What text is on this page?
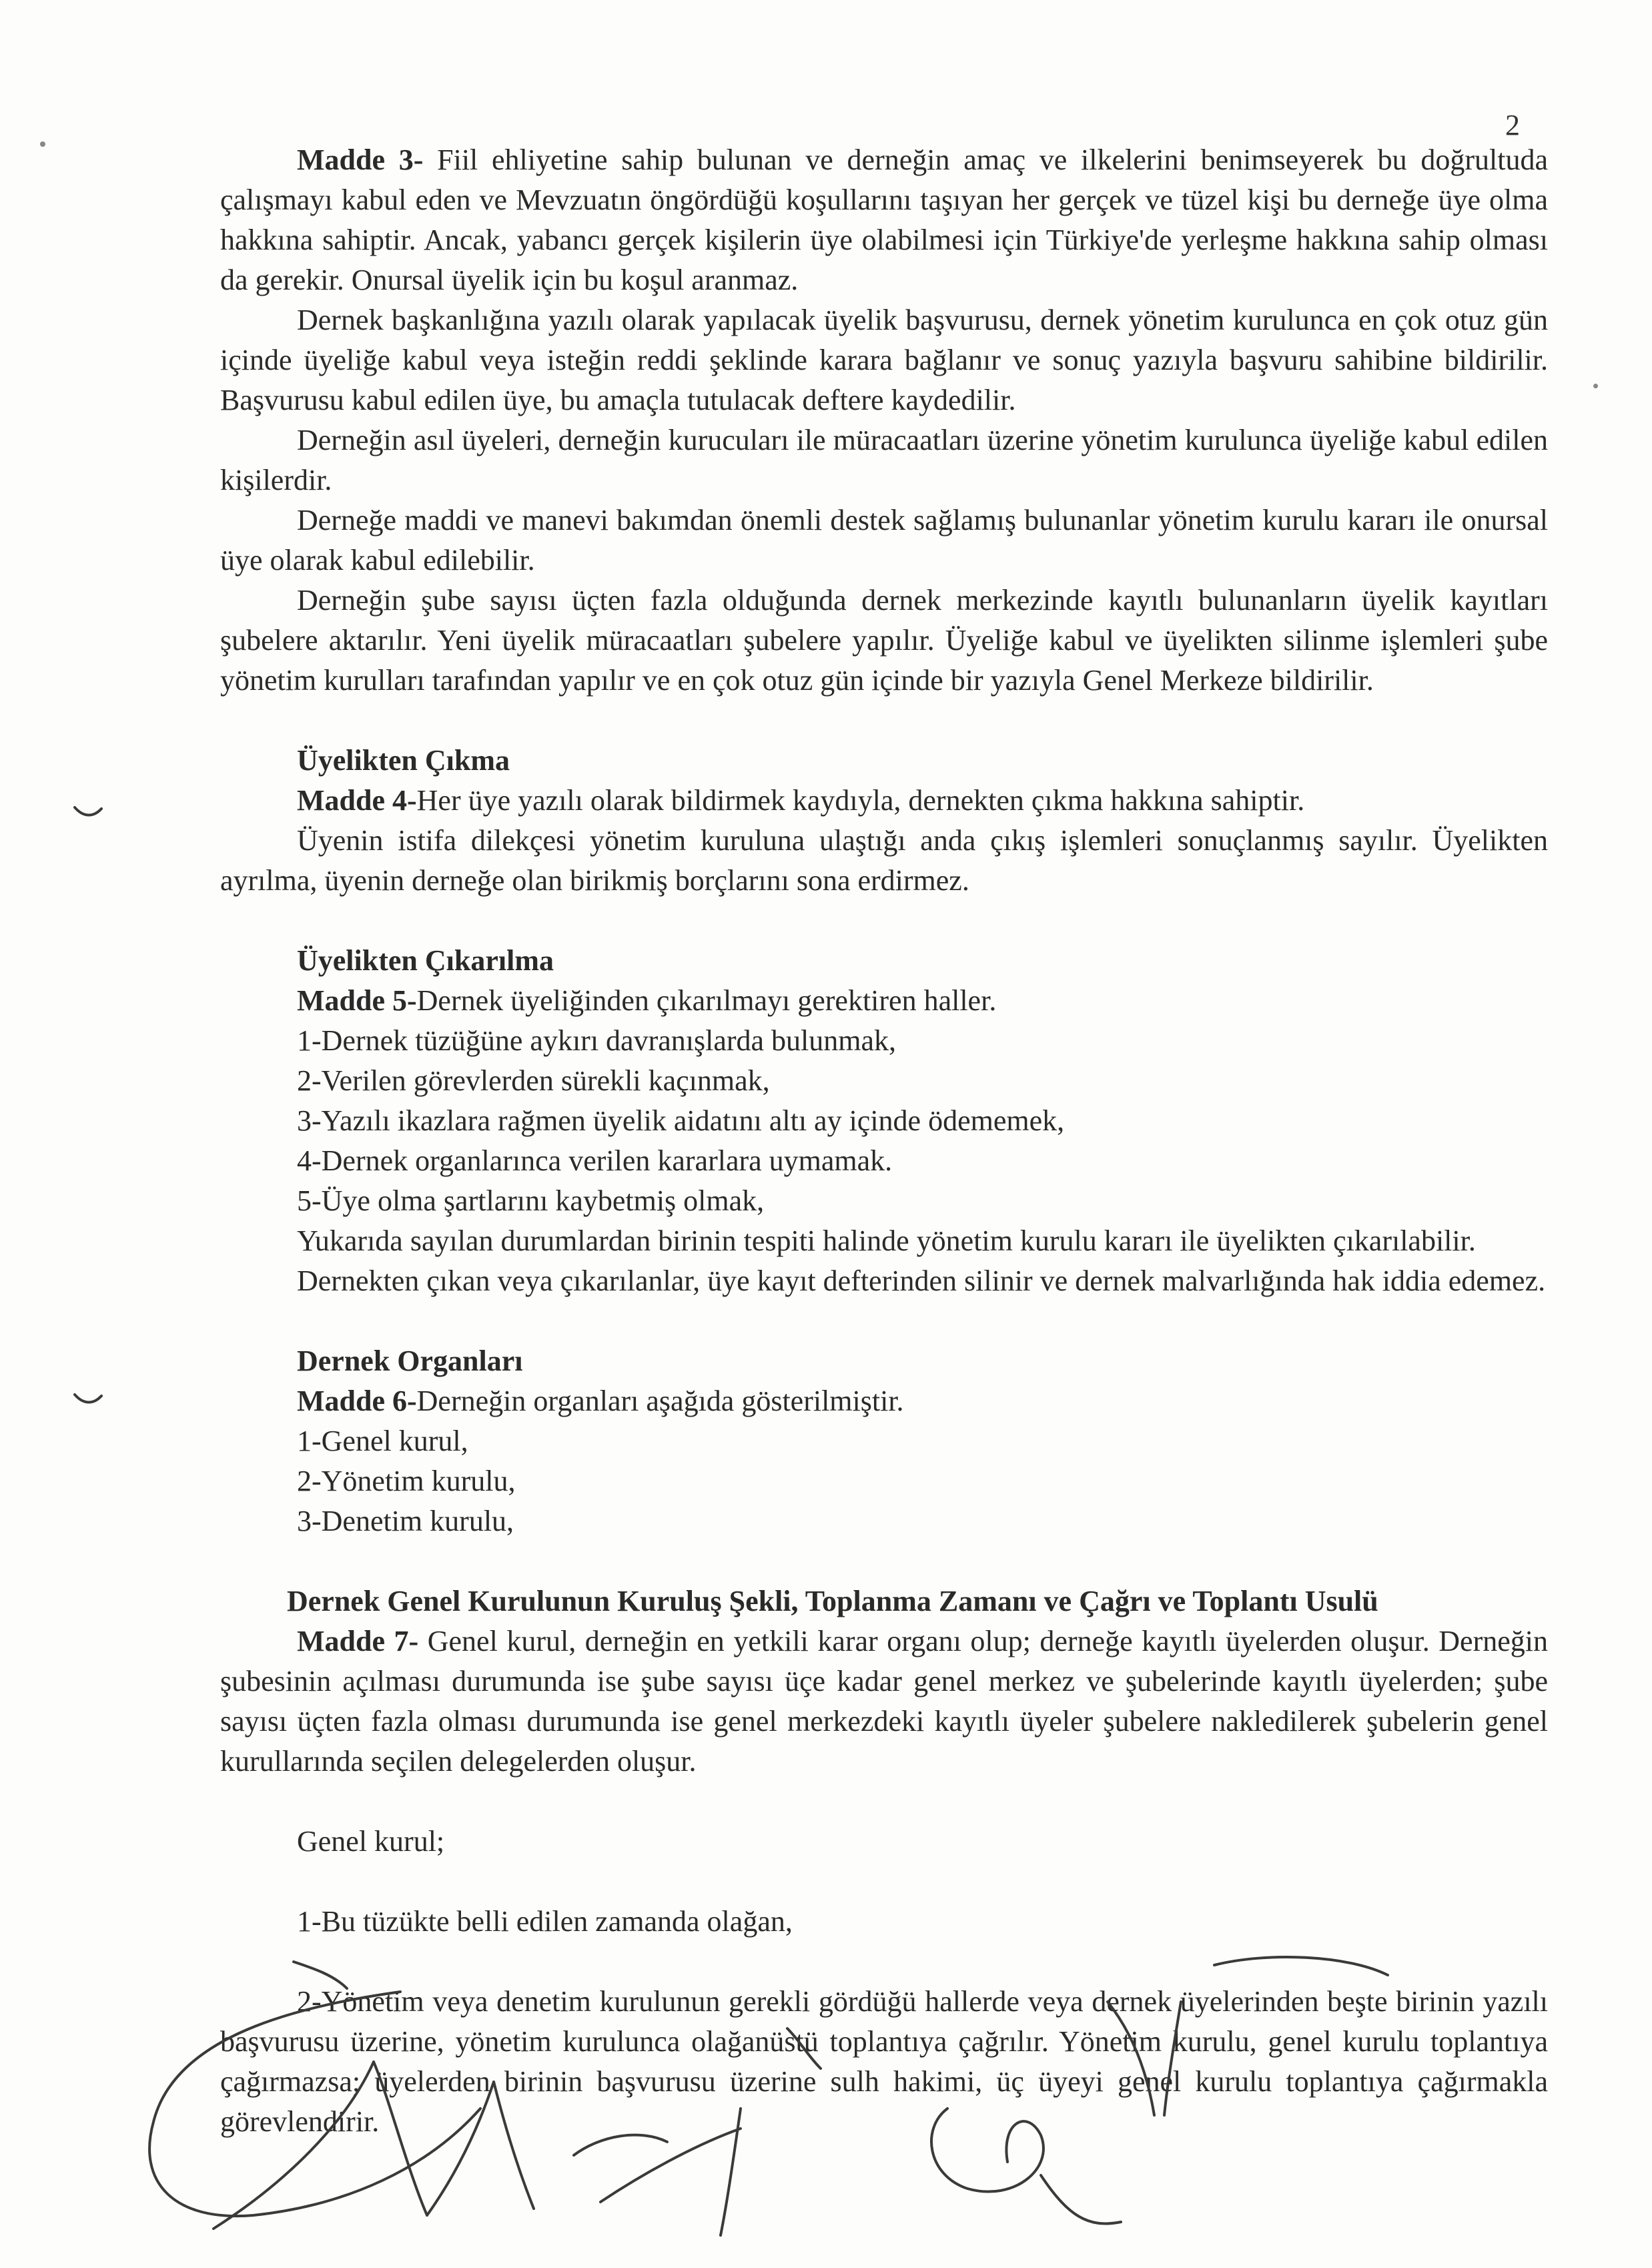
2

Madde 3- Fiil ehliyetine sahip bulunan ve derneğin amaç ve ilkelerini benimseyerek bu doğrultuda çalışmayı kabul eden ve Mevzuatın öngördüğü koşullarını taşıyan her gerçek ve tüzel kişi bu derneğe üye olma hakkına sahiptir. Ancak, yabancı gerçek kişilerin üye olabilmesi için Türkiye'de yerleşme hakkına sahip olması da gerekir. Onursal üyelik için bu koşul aranmaz.

Dernek başkanlığına yazılı olarak yapılacak üyelik başvurusu, dernek yönetim kurulunca en çok otuz gün içinde üyeliğe kabul veya isteğin reddi şeklinde karara bağlanır ve sonuç yazıyla başvuru sahibine bildirilir. Başvurusu kabul edilen üye, bu amaçla tutulacak deftere kaydedilir.

Derneğin asıl üyeleri, derneğin kurucuları ile müracaatları üzerine yönetim kurulunca üyeliğe kabul edilen kişilerdir.

Derneğe maddi ve manevi bakımdan önemli destek sağlamış bulunanlar yönetim kurulu kararı ile onursal üye olarak kabul edilebilir.

Derneğin şube sayısı üçten fazla olduğunda dernek merkezinde kayıtlı bulunanların üyelik kayıtları şubelere aktarılır. Yeni üyelik müracaatları şubelere yapılır. Üyeliğe kabul ve üyelikten silinme işlemleri şube yönetim kurulları tarafından yapılır ve en çok otuz gün içinde bir yazıyla Genel Merkeze bildirilir.

Üyelikten Çıkma

Madde 4-Her üye yazılı olarak bildirmek kaydıyla, dernekten çıkma hakkına sahiptir.

Üyenin istifa dilekçesi yönetim kuruluna ulaştığı anda çıkış işlemleri sonuçlanmış sayılır. Üyelikten ayrılma, üyenin derneğe olan birikmiş borçlarını sona erdirmez.

Üyelikten Çıkarılma

Madde 5-Dernek üyeliğinden çıkarılmayı gerektiren haller.

1-Dernek tüzüğüne aykırı davranışlarda bulunmak,

2-Verilen görevlerden sürekli kaçınmak,

3-Yazılı ikazlara rağmen üyelik aidatını altı ay içinde ödememek,

4-Dernek organlarınca verilen kararlara uymamak.

5-Üye olma şartlarını kaybetmiş olmak,

Yukarıda sayılan durumlardan birinin tespiti halinde yönetim kurulu kararı ile üyelikten çıkarılabilir.

Dernekten çıkan veya çıkarılanlar, üye kayıt defterinden silinir ve dernek malvarlığında hak iddia edemez.

Dernek Organları

Madde 6-Derneğin organları aşağıda gösterilmiştir.

1-Genel kurul,

2-Yönetim kurulu,

3-Denetim kurulu,

Dernek Genel Kurulunun Kuruluş Şekli, Toplanma Zamanı ve Çağrı ve Toplantı Usulü

Madde 7- Genel kurul, derneğin en yetkili karar organı olup; derneğe kayıtlı üyelerden oluşur. Derneğin şubesinin açılması durumunda ise şube sayısı üçe kadar genel merkez ve şubelerinde kayıtlı üyelerden; şube sayısı üçten fazla olması durumunda ise genel merkezdeki kayıtlı üyeler şubelere nakledilerek şubelerin genel kurullarında seçilen delegelerden oluşur.

Genel kurul;

1-Bu tüzükte belli edilen zamanda olağan,

2-Yönetim veya denetim kurulunun gerekli gördüğü hallerde veya dernek üyelerinden beşte birinin yazılı başvurusu üzerine, yönetim kurulunca olağanüstü toplantıya çağrılır. Yönetim kurulu, genel kurulu toplantıya çağırmazsa; üyelerden birinin başvurusu üzerine sulh hakimi, üç üyeyi genel kurulu toplantıya çağırmakla görevlendirir.
